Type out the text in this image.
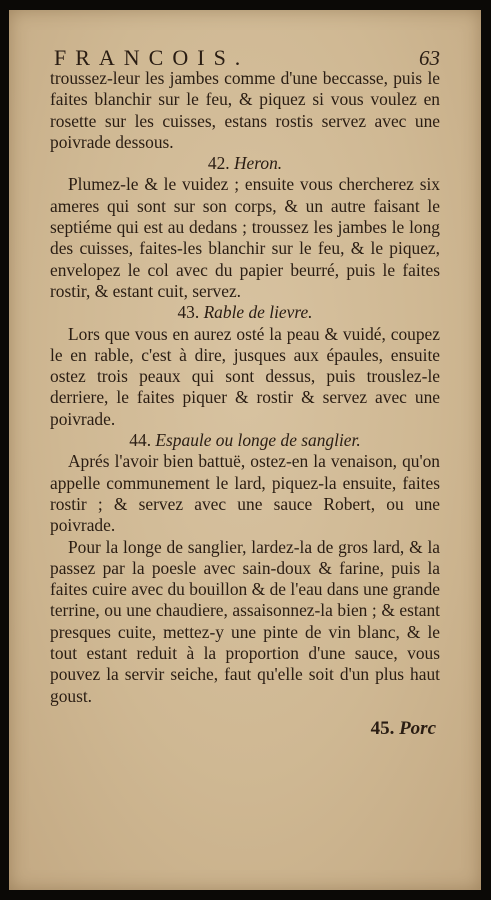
FRANCOIS.	63

troussez-leur les jambes comme d'une beccasse, puis le faites blanchir sur le feu, & piquez si vous voulez en rosette sur les cuisses, estans rostis servez avec une poivrade dessous.

42. Heron.

Plumez-le & le vuidez ; ensuite vous chercherez six ameres qui sont sur son corps, & un autre faisant le septiéme qui est au dedans ; troussez les jambes le long des cuisses, faites-les blanchir sur le feu, & le piquez, envelopez le col avec du papier beurré, puis le faites rostir, & estant cuit, servez.

43. Rable de lievre.

Lors que vous en aurez osté la peau & vuidé, coupez le en rable, c'est à dire, jusques aux épaules, ensuite ostez trois peaux qui sont dessus, puis trouslez-le derriere, le faites piquer & rostir & servez avec une poivrade.

44. Espaule ou longe de sanglier.

Aprés l'avoir bien battuë, ostez-en la venaison, qu'on appelle communement le lard, piquez-la ensuite, faites rostir ; & servez avec une sauce Robert, ou une poivrade.

Pour la longe de sanglier, lardez-la de gros lard, & la passez par la poesle avec sain-doux & farine, puis la faites cuire avec du bouillon & de l'eau dans une grande terrine, ou une chaudiere, assaisonnez-la bien ; & estant presques cuite, mettez-y une pinte de vin blanc, & le tout estant reduit à la proportion d'une sauce, vous pouvez la servir seiche, faut qu'elle soit d'un plus haut goust.

45. Porc
